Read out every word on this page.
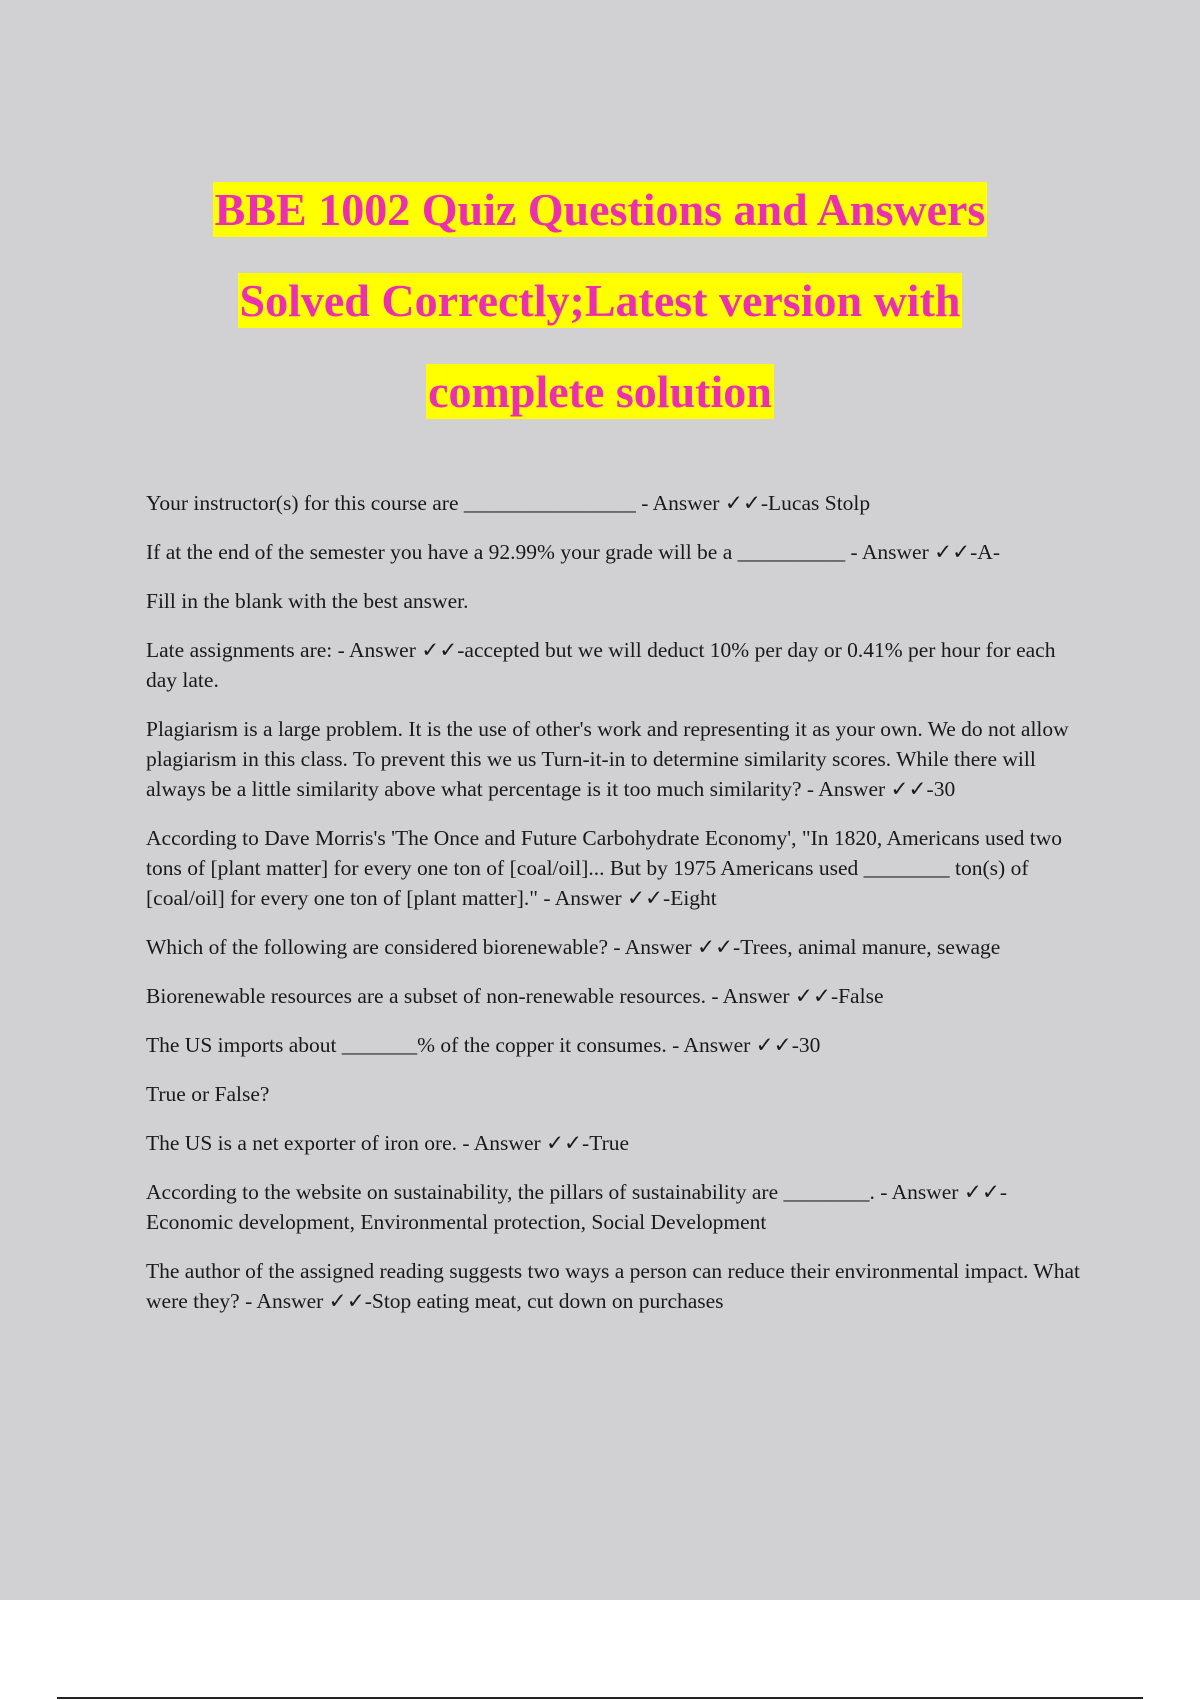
BBE 1002 Quiz Questions and Answers
Solved Correctly;Latest version with
complete solution

Your instructor(s) for this course are ________________ - Answer ✓✓-Lucas Stolp

If at the end of the semester you have a 92.99% your grade will be a __________ - Answer ✓✓-A-

Fill in the blank with the best answer.

Late assignments are: - Answer ✓✓-accepted but we will deduct 10% per day or 0.41% per hour for each day late.

Plagiarism is a large problem. It is the use of other's work and representing it as your own. We do not allow plagiarism in this class. To prevent this we us Turn-it-in to determine similarity scores. While there will always be a little similarity above what percentage is it too much similarity? - Answer ✓✓-30

According to Dave Morris's 'The Once and Future Carbohydrate Economy', "In 1820, Americans used two tons of [plant matter] for every one ton of [coal/oil]... But by 1975 Americans used ________ ton(s) of [coal/oil] for every one ton of [plant matter]." - Answer ✓✓-Eight

Which of the following are considered biorenewable? - Answer ✓✓-Trees, animal manure, sewage

Biorenewable resources are a subset of non-renewable resources. - Answer ✓✓-False

The US imports about _______% of the copper it consumes. - Answer ✓✓-30

True or False?

The US is a net exporter of iron ore. - Answer ✓✓-True

According to the website on sustainability, the pillars of sustainability are ________. - Answer ✓✓-Economic development, Environmental protection, Social Development

The author of the assigned reading suggests two ways a person can reduce their environmental impact. What were they? - Answer ✓✓-Stop eating meat, cut down on purchases
